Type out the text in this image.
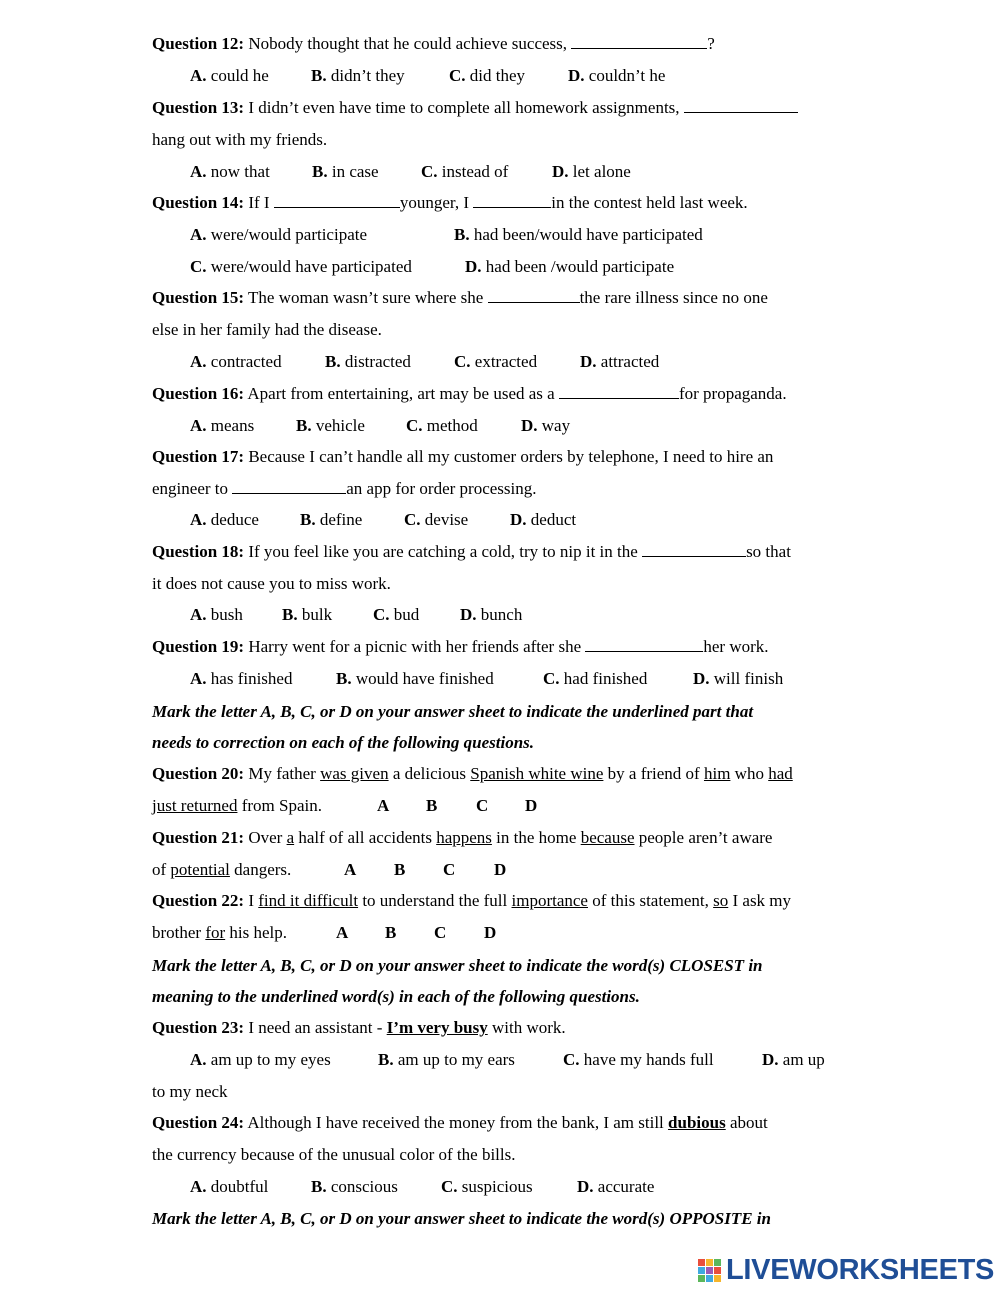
Question 12: Nobody thought that he could achieve success,	?
A. could he B. didn’t they	C. did they	D. couldn’t he
Question 13: I didn’t even have time to complete all homework assignments,
hang out with my friends.
A. now that B. in case C. instead of	D. let alone
Question 14: If I	younger, I	in the contest held last week.
A. were/would participate	B. had been/would have participated
C. were/would have participated	D. had been /would participate
Question 15: The woman wasn’t sure where she	the rare illness since no one
else in her family had the disease.
A. contracted	B. distracted	C. extracted	D. attracted
Question 16: Apart from entertaining, art may be used as a	for propaganda.
A. means B. vehicle C. method	D. way
Question 17: Because I can’t handle all my customer orders by telephone, I need to hire an
engineer to	an app for order processing.
A. deduce B. define C. devise D. deduct
Question 18: If you feel like you are catching a cold, try to nip it in the	so that
it does not cause you to miss work.
A. bush B. bulk C. bud D. bunch
Question 19: Harry went for a picnic with her friends after she	her work.
A. has finished	B. would have finished	C. had finished	D. will finish
Mark the letter A, B, C, or D on your answer sheet to indicate the underlined part that
needs to correction on each of the following questions.
Question 20: My father was given a delicious Spanish white wine by a friend of him who had
just returned from Spain.	A B C D
Question 21: Over a half of all accidents happens in the home because people aren’t aware
of potential dangers.	A B C D
Question 22: I find it difficult to understand the full importance of this statement, so I ask my
brother for his help.	A B C D
Mark the letter A, B, C, or D on your answer sheet to indicate the word(s) CLOSEST in
meaning to the underlined word(s) in each of the following questions.
Question 23: I need an assistant - I’m very busy with work.
A. am up to my eyes	B. am up to my ears	C. have my hands full	D. am up
to my neck
Question 24: Although I have received the money from the bank, I am still dubious about
the currency because of the unusual color of the bills.
A. doubtful	B. conscious	C. suspicious	D. accurate
Mark the letter A, B, C, or D on your answer sheet to indicate the word(s) OPPOSITE in
LIVEWORKSHEETS
